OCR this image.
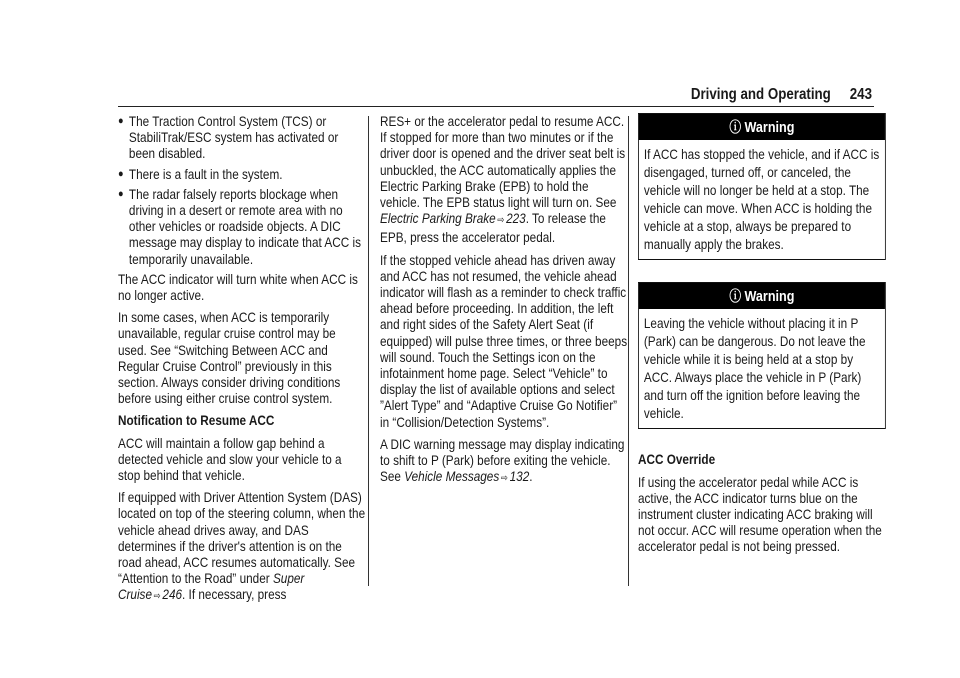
Driving and Operating 243
● The Traction Control System (TCS) or StabiliTrak/ESC system has activated or been disabled.
● There is a fault in the system.
● The radar falsely reports blockage when driving in a desert or remote area with no other vehicles or roadside objects. A DIC message may display to indicate that ACC is temporarily unavailable.

The ACC indicator will turn white when ACC is no longer active.

In some cases, when ACC is temporarily unavailable, regular cruise control may be used. See “Switching Between ACC and Regular Cruise Control” previously in this section. Always consider driving conditions before using either cruise control system.

Notification to Resume ACC

ACC will maintain a follow gap behind a detected vehicle and slow your vehicle to a stop behind that vehicle.

If equipped with Driver Attention System (DAS) located on top of the steering column, when the vehicle ahead drives away, and DAS determines if the driver's attention is on the road ahead, ACC resumes automatically. See “Attention to the Road” under Super Cruise ⇨ 246. If necessary, press

RES+ or the accelerator pedal to resume ACC. If stopped for more than two minutes or if the driver door is opened and the driver seat belt is unbuckled, the ACC automatically applies the Electric Parking Brake (EPB) to hold the vehicle. The EPB status light will turn on. See Electric Parking Brake ⇨ 223. To release the EPB, press the accelerator pedal.

If the stopped vehicle ahead has driven away and ACC has not resumed, the vehicle ahead indicator will flash as a reminder to check traffic ahead before proceeding. In addition, the left and right sides of the Safety Alert Seat (if equipped) will pulse three times, or three beeps will sound. Touch the Settings icon on the infotainment home page. Select “Vehicle” to display the list of available options and select ”Alert Type” and “Adaptive Cruise Go Notifier” in “Collision/Detection Systems”.

A DIC warning message may display indicating to shift to P (Park) before exiting the vehicle. See Vehicle Messages ⇨ 132.

ⓘ Warning
If ACC has stopped the vehicle, and if ACC is disengaged, turned off, or canceled, the vehicle will no longer be held at a stop. The vehicle can move. When ACC is holding the vehicle at a stop, always be prepared to manually apply the brakes.
ⓘ Warning
Leaving the vehicle without placing it in P (Park) can be dangerous. Do not leave the vehicle while it is being held at a stop by ACC. Always place the vehicle in P (Park) and turn off the ignition before leaving the vehicle.

ACC Override

If using the accelerator pedal while ACC is active, the ACC indicator turns blue on the instrument cluster indicating ACC braking will not occur. ACC will resume operation when the accelerator pedal is not being pressed.
